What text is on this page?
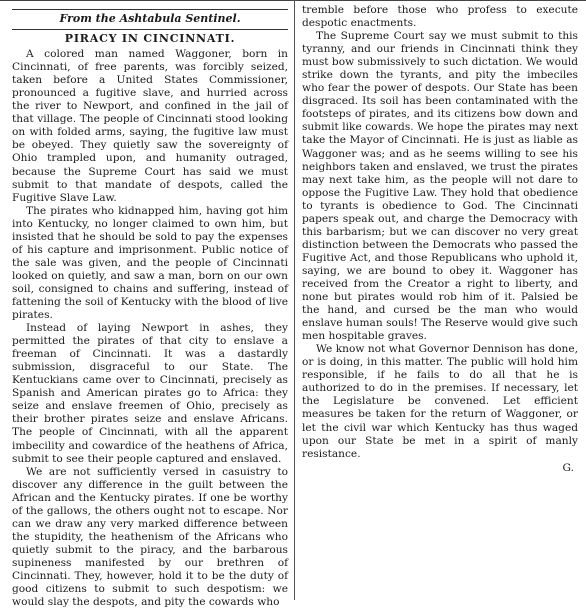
From the Ashtabula Sentinel.
PIRACY IN CINCINNATI.

A colored man named Waggoner, born in Cincinnati, of free parents, was forcibly seized, taken before a United States Commissioner, pronounced a fugitive slave, and hurried across the river to Newport, and confined in the jail of that village. The people of Cincinnati stood looking on with folded arms, saying, the fugitive law must be obeyed. They quietly saw the sovereignty of Ohio trampled upon, and humanity outraged, because the Supreme Court has said we must submit to that mandate of despots, called the Fugitive Slave Law.

The pirates who kidnapped him, having got him into Kentucky, no longer claimed to own him, but insisted that he should be sold to pay the expenses of his capture and imprisonment. Public notice of the sale was given, and the people of Cincinnati looked on quietly, and saw a man, born on our own soil, consigned to chains and suffering, instead of fattening the soil of Kentucky with the blood of live pirates.

Instead of laying Newport in ashes, they permitted the pirates of that city to enslave a freeman of Cincinnati. It was a dastardly submission, disgraceful to our State. The Kentuckians came over to Cincinnati, precisely as Spanish and American pirates go to Africa: they seize and enslave freemen of Ohio, precisely as their brother pirates seize and enslave Africans. The people of Cincinnati, with all the apparent imbecility and cowardice of the heathens of Africa, submit to see their people captured and enslaved.

We are not sufficiently versed in casuistry to discover any difference in the guilt between the African and the Kentucky pirates. If one be worthy of the gallows, the others ought not to escape. Nor can we draw any very marked difference between the stupidity, the heathenism of the Africans who quietly submit to the piracy, and the barbarous supineness manifested by our brethren of Cincinnati. They, however, hold it to be the duty of good citizens to submit to such despotism: we would slay the despots, and pity the cowards who

tremble before those who profess to execute despotic enactments.

The Supreme Court say we must submit to this tyranny, and our friends in Cincinnati think they must bow submissively to such dictation. We would strike down the tyrants, and pity the imbeciles who fear the power of despots. Our State has been disgraced. Its soil has been contaminated with the footsteps of pirates, and its citizens bow down and submit like cowards. We hope the pirates may next take the Mayor of Cincinnati. He is just as liable as Waggoner was; and as he seems willing to see his neighbors taken and enslaved, we trust the pirates may next take him, as the people will not dare to oppose the Fugitive Law. They hold that obedience to tyrants is obedience to God. The Cincinnati papers speak out, and charge the Democracy with this barbarism; but we can discover no very great distinction between the Democrats who passed the Fugitive Act, and those Republicans who uphold it, saying, we are bound to obey it. Waggoner has received from the Creator a right to liberty, and none but pirates would rob him of it. Palsied be the hand, and cursed be the man who would enslave human souls! The Reserve would give such men hospitable graves.

We know not what Governor Dennison has done, or is doing, in this matter. The public will hold him responsible, if he fails to do all that he is authorized to do in the premises. If necessary, let the Legislature be convened. Let efficient measures be taken for the return of Waggoner, or let the civil war which Kentucky has thus waged upon our State be met in a spirit of manly resistance.

G.
